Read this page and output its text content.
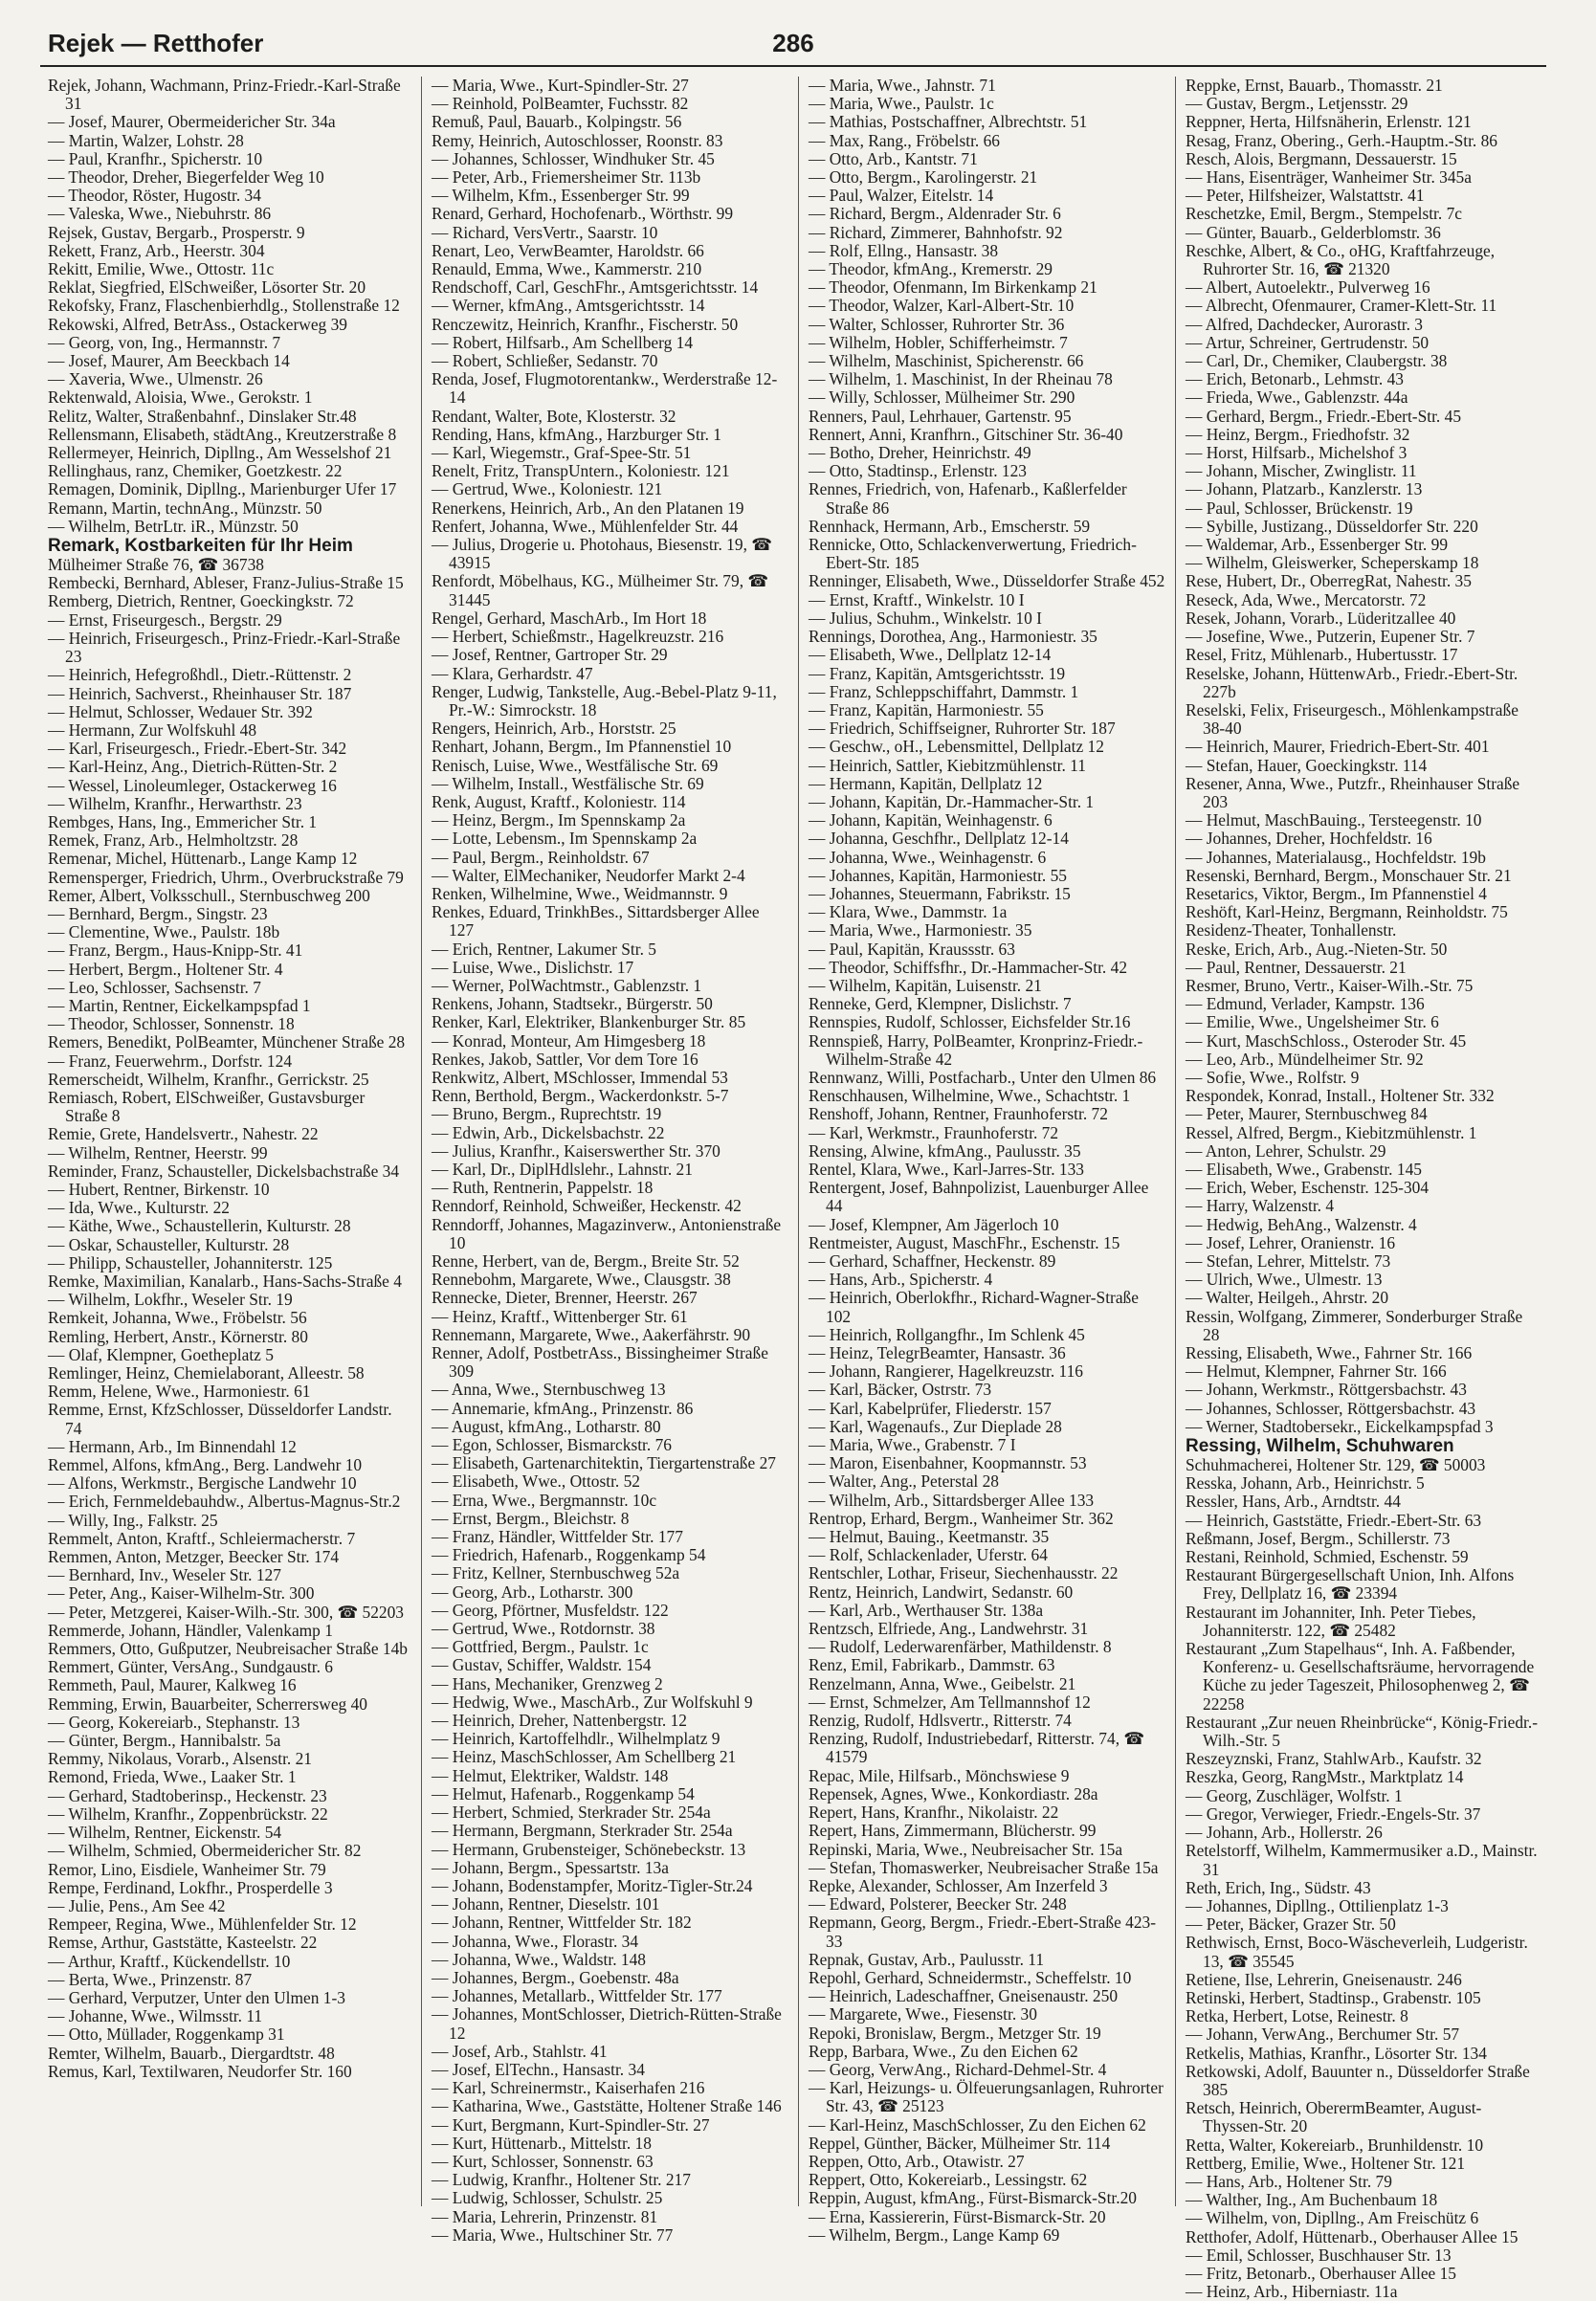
Rejek — Retthofer	286

Rejek, Johann, Wachmann, Prinz-Friedr.-Karl-Straße 31

— Josef, Maurer, Obermeidericher Str. 34a

— Martin, Walzer, Lohstr. 28

— Paul, Kranfhr., Spicherstr. 10

— Theodor, Dreher, Biegerfelder Weg 10

— Theodor, Röster, Hugostr. 34

— Valeska, Wwe., Niebuhrstr. 86

Rejsek, Gustav, Bergarb., Prosperstr. 9

Rekett, Franz, Arb., Heerstr. 304

Rekitt, Emilie, Wwe., Ottostr. 11c

Reklat, Siegfried, ElSchweißer, Lösorter Str. 20

Rekofsky, Franz, Flaschenbierhdlg., Stollenstraße 12

Rekowski, Alfred, BetrAss., Ostackerweg 39

— Georg, von, Ing., Hermannstr. 7

— Josef, Maurer, Am Beeckbach 14

— Xaveria, Wwe., Ulmenstr. 26

Rektenwald, Aloisia, Wwe., Gerokstr. 1

Relitz, Walter, Straßenbahnf., Dinslaker Str.48

Rellensmann, Elisabeth, städtAng., Kreutzerstraße 8

Rellermeyer, Heinrich, Dipllng., Am Wesselshof 21

Rellinghaus, ranz, Chemiker, Goetzkestr. 22

Remagen, Dominik, Dipllng., Marienburger Ufer 17

Remann, Martin, technAng., Münzstr. 50

— Wilhelm, BetrLtr. iR., Münzstr. 50

Remark, Kostbarkeiten für Ihr Heim

Mülheimer Straße 76, ☎ 36738

Rembecki, Bernhard, Ableser, Franz-Julius-Straße 15

Remberg, Dietrich, Rentner, Goeckingkstr. 72

— Ernst, Friseurgesch., Bergstr. 29

— Heinrich, Friseurgesch., Prinz-Friedr.-Karl-Straße 23

— Heinrich, Hefegroßhdl., Dietr.-Rüttenstr. 2

— Heinrich, Sachverst., Rheinhauser Str. 187

— Helmut, Schlosser, Wedauer Str. 392

— Hermann, Zur Wolfskuhl 48

— Karl, Friseurgesch., Friedr.-Ebert-Str. 342

— Karl-Heinz, Ang., Dietrich-Rütten-Str. 2

— Wessel, Linoleumleger, Ostackerweg 16

— Wilhelm, Kranfhr., Herwarthstr. 23

Rembges, Hans, Ing., Emmericher Str. 1

Remek, Franz, Arb., Helmholtzstr. 28

Remenar, Michel, Hüttenarb., Lange Kamp 12

Remensperger, Friedrich, Uhrm., Overbruckstraße 79

Remer, Albert, Volksschull., Sternbuschweg 200

— Bernhard, Bergm., Singstr. 23

— Clementine, Wwe., Paulstr. 18b

— Franz, Bergm., Haus-Knipp-Str. 41

— Herbert, Bergm., Holtener Str. 4

— Leo, Schlosser, Sachsenstr. 7

— Martin, Rentner, Eickelkampspfad 1

— Theodor, Schlosser, Sonnenstr. 18

Remers, Benedikt, PolBeamter, Münchener Straße 28

— Franz, Feuerwehrm., Dorfstr. 124

Remerscheidt, Wilhelm, Kranfhr., Gerrickstr. 25

Remiasch, Robert, ElSchweißer, Gustavsburger Straße 8

Remie, Grete, Handelsvertr., Nahestr. 22

— Wilhelm, Rentner, Heerstr. 99

Reminder, Franz, Schausteller, Dickelsbachstraße 34

— Hubert, Rentner, Birkenstr. 10

— Ida, Wwe., Kulturstr. 22

— Käthe, Wwe., Schaustellerin, Kulturstr. 28

— Oskar, Schausteller, Kulturstr. 28

— Philipp, Schausteller, Johanniterstr. 125

Remke, Maximilian, Kanalarb., Hans-Sachs-Straße 4

— Wilhelm, Lokfhr., Weseler Str. 19

Remkeit, Johanna, Wwe., Fröbelstr. 56

Remling, Herbert, Anstr., Körnerstr. 80

— Olaf, Klempner, Goetheplatz 5

Remlinger, Heinz, Chemielaborant, Alleestr. 58

Remm, Helene, Wwe., Harmoniestr. 61

Remme, Ernst, KfzSchlosser, Düsseldorfer Landstr. 74

— Hermann, Arb., Im Binnendahl 12

Remmel, Alfons, kfmAng., Berg. Landwehr 10

— Alfons, Werkmstr., Bergische Landwehr 10

— Erich, Fernmeldebauhdw., Albertus-Magnus-Str.2

— Willy, Ing., Falkstr. 25

Remmelt, Anton, Kraftf., Schleiermacherstr. 7

Remmen, Anton, Metzger, Beecker Str. 174

— Bernhard, Inv., Weseler Str. 127

— Peter, Ang., Kaiser-Wilhelm-Str. 300

— Peter, Metzgerei, Kaiser-Wilh.-Str. 300, ☎ 52203

Remmerde, Johann, Händler, Valenkamp 1

Remmers, Otto, Gußputzer, Neubreisacher Straße 14b

Remmert, Günter, VersAng., Sundgaustr. 6

Remmeth, Paul, Maurer, Kalkweg 16

Remming, Erwin, Bauarbeiter, Scherrersweg 40

— Georg, Kokereiarb., Stephanstr. 13

— Günter, Bergm., Hannibalstr. 5a

Remmy, Nikolaus, Vorarb., Alsenstr. 21

Remond, Frieda, Wwe., Laaker Str. 1

— Gerhard, Stadtoberinsp., Heckenstr. 23

— Wilhelm, Kranfhr., Zoppenbrückstr. 22

— Wilhelm, Rentner, Eickenstr. 54

— Wilhelm, Schmied, Obermeidericher Str. 82

Remor, Lino, Eisdiele, Wanheimer Str. 79

Rempe, Ferdinand, Lokfhr., Prosperdelle 3

— Julie, Pens., Am See 42

Rempeer, Regina, Wwe., Mühlenfelder Str. 12

Remse, Arthur, Gaststätte, Kasteelstr. 22

— Arthur, Kraftf., Kückendellstr. 10

— Berta, Wwe., Prinzenstr. 87

— Gerhard, Verputzer, Unter den Ulmen 1-3

— Johanne, Wwe., Wilmsstr. 11

— Otto, Müllader, Roggenkamp 31

Remter, Wilhelm, Bauarb., Diergardtstr. 48

Remus, Karl, Textilwaren, Neudorfer Str. 160

— Maria, Wwe., Kurt-Spindler-Str. 27

— Reinhold, PolBeamter, Fuchsstr. 82

Remuß, Paul, Bauarb., Kolpingstr. 56

Remy, Heinrich, Autoschlosser, Roonstr. 83

— Johannes, Schlosser, Windhuker Str. 45

— Peter, Arb., Friemersheimer Str. 113b

— Wilhelm, Kfm., Essenberger Str. 99

Renard, Gerhard, Hochofenarb., Wörthstr. 99

— Richard, VersVertr., Saarstr. 10

Renart, Leo, VerwBeamter, Haroldstr. 66

Renauld, Emma, Wwe., Kammerstr. 210

Rendschoff, Carl, GeschFhr., Amtsgerichtsstr. 14

— Werner, kfmAng., Amtsgerichtsstr. 14

Renczewitz, Heinrich, Kranfhr., Fischerstr. 50

— Robert, Hilfsarb., Am Schellberg 14

— Robert, Schließer, Sedanstr. 70

Renda, Josef, Flugmotorentankw., Werderstraße 12-14

Rendant, Walter, Bote, Klosterstr. 32

Rending, Hans, kfmAng., Harzburger Str. 1

— Karl, Wiegemstr., Graf-Spee-Str. 51

Renelt, Fritz, TranspUntern., Koloniestr. 121

— Gertrud, Wwe., Koloniestr. 121

Renerkens, Heinrich, Arb., An den Platanen 19

Renfert, Johanna, Wwe., Mühlenfelder Str. 44

— Julius, Drogerie u. Photohaus, Biesenstr. 19, ☎ 43915

Renfordt, Möbelhaus, KG., Mülheimer Str. 79, ☎ 31445

Rengel, Gerhard, MaschArb., Im Hort 18

— Herbert, Schießmstr., Hagelkreuzstr. 216

— Josef, Rentner, Gartroper Str. 29

— Klara, Gerhardstr. 47

Renger, Ludwig, Tankstelle, Aug.-Bebel-Platz 9-11, Pr.-W.: Simrockstr. 18

Rengers, Heinrich, Arb., Horststr. 25

Renhart, Johann, Bergm., Im Pfannenstiel 10

Renisch, Luise, Wwe., Westfälische Str. 69

— Wilhelm, Install., Westfälische Str. 69

Renk, August, Kraftf., Koloniestr. 114

— Heinz, Bergm., Im Spennskamp 2a

— Lotte, Lebensm., Im Spennskamp 2a

— Paul, Bergm., Reinholdstr. 67

— Walter, ElMechaniker, Neudorfer Markt 2-4

Renken, Wilhelmine, Wwe., Weidmannstr. 9

Renkes, Eduard, TrinkhBes., Sittardsberger Allee 127

— Erich, Rentner, Lakumer Str. 5

— Luise, Wwe., Dislichstr. 17

— Werner, PolWachtmstr., Gablenzstr. 1

Renkens, Johann, Stadtsekr., Bürgerstr. 50

Renker, Karl, Elektriker, Blankenburger Str. 85

— Konrad, Monteur, Am Himgesberg 18

Renkes, Jakob, Sattler, Vor dem Tore 16

Renkwitz, Albert, MSchlosser, Immendal 53

Renn, Berthold, Bergm., Wackerdonkstr. 5-7

— Bruno, Bergm., Ruprechtstr. 19

— Edwin, Arb., Dickelsbachstr. 22

— Julius, Kranfhr., Kaiserswerther Str. 370

— Karl, Dr., DiplHdlslehr., Lahnstr. 21

— Ruth, Rentnerin, Pappelstr. 18

Renndorf, Reinhold, Schweißer, Heckenstr. 42

Renndorff, Johannes, Magazinverw., Antonienstraße 10

Renne, Herbert, van de, Bergm., Breite Str. 52

Rennebohm, Margarete, Wwe., Clausgstr. 38

Rennecke, Dieter, Brenner, Heerstr. 267

— Heinz, Kraftf., Wittenberger Str. 61

Rennemann, Margarete, Wwe., Aakerfährstr. 90

Renner, Adolf, PostbetrAss., Bissingheimer Straße 309

— Anna, Wwe., Sternbuschweg 13

— Annemarie, kfmAng., Prinzenstr. 86

— August, kfmAng., Lotharstr. 80

— Egon, Schlosser, Bismarckstr. 76

— Elisabeth, Gartenarchitektin, Tiergartenstraße 27

— Elisabeth, Wwe., Ottostr. 52

— Erna, Wwe., Bergmannstr. 10c

— Ernst, Bergm., Bleichstr. 8

— Franz, Händler, Wittfelder Str. 177

— Friedrich, Hafenarb., Roggenkamp 54

— Fritz, Kellner, Sternbuschweg 52a

— Georg, Arb., Lotharstr. 300

— Georg, Pförtner, Musfeldstr. 122

— Gertrud, Wwe., Rotdornstr. 38

— Gottfried, Bergm., Paulstr. 1c

— Gustav, Schiffer, Waldstr. 154

— Hans, Mechaniker, Grenzweg 2

— Hedwig, Wwe., MaschArb., Zur Wolfskuhl 9

— Heinrich, Dreher, Nattenbergstr. 12

— Heinrich, Kartoffelhdlr., Wilhelmplatz 9

— Heinz, MaschSchlosser, Am Schellberg 21

— Helmut, Elektriker, Waldstr. 148

— Helmut, Hafenarb., Roggenkamp 54

— Herbert, Schmied, Sterkrader Str. 254a

— Hermann, Bergmann, Sterkrader Str. 254a

— Hermann, Grubensteiger, Schönebeckstr. 13

— Johann, Bergm., Spessartstr. 13a

— Johann, Bodenstampfer, Moritz-Tigler-Str.24

— Johann, Rentner, Dieselstr. 101

— Johann, Rentner, Wittfelder Str. 182

— Johanna, Wwe., Florastr. 34

— Johanna, Wwe., Waldstr. 148

— Johannes, Bergm., Goebenstr. 48a

— Johannes, Metallarb., Wittfelder Str. 177

— Johannes, MontSchlosser, Dietrich-Rütten-Straße 12

— Josef, Arb., Stahlstr. 41

— Josef, ElTechn., Hansastr. 34

— Karl, Schreinermstr., Kaiserhafen 216

— Katharina, Wwe., Gaststätte, Holtener Straße 146

— Kurt, Bergmann, Kurt-Spindler-Str. 27

— Kurt, Hüttenarb., Mittelstr. 18

— Kurt, Schlosser, Sonnenstr. 63

— Ludwig, Kranfhr., Holtener Str. 217

— Ludwig, Schlosser, Schulstr. 25

— Maria, Lehrerin, Prinzenstr. 81

— Maria, Wwe., Hultschiner Str. 77

— Maria, Wwe., Jahnstr. 71

— Maria, Wwe., Paulstr. 1c

— Mathias, Postschaffner, Albrechtstr. 51

— Max, Rang., Fröbelstr. 66

— Otto, Arb., Kantstr. 71

— Otto, Bergm., Karolingerstr. 21

— Paul, Walzer, Eitelstr. 14

— Richard, Bergm., Aldenrader Str. 6

— Richard, Zimmerer, Bahnhofstr. 92

— Rolf, Ellng., Hansastr. 38

— Theodor, kfmAng., Kremerstr. 29

— Theodor, Ofenmann, Im Birkenkamp 21

— Theodor, Walzer, Karl-Albert-Str. 10

— Walter, Schlosser, Ruhrorter Str. 36

— Wilhelm, Hobler, Schifferheimstr. 7

— Wilhelm, Maschinist, Spicherenstr. 66

— Wilhelm, 1. Maschinist, In der Rheinau 78

— Willy, Schlosser, Mülheimer Str. 290

Renners, Paul, Lehrhauer, Gartenstr. 95

Rennert, Anni, Kranfhrn., Gitschiner Str. 36-40

— Botho, Dreher, Heinrichstr. 49

— Otto, Stadtinsp., Erlenstr. 123

Rennes, Friedrich, von, Hafenarb., Kaßlerfelder Straße 86

Rennhack, Hermann, Arb., Emscherstr. 59

Rennicke, Otto, Schlackenverwertung, Friedrich-Ebert-Str. 185

Renninger, Elisabeth, Wwe., Düsseldorfer Straße 452

— Ernst, Kraftf., Winkelstr. 10 I

— Julius, Schuhm., Winkelstr. 10 I

Rennings, Dorothea, Ang., Harmoniestr. 35

— Elisabeth, Wwe., Dellplatz 12-14

— Franz, Kapitän, Amtsgerichtsstr. 19

— Franz, Schleppschiffahrt, Dammstr. 1

— Franz, Kapitän, Harmoniestr. 55

— Friedrich, Schiffseigner, Ruhrorter Str. 187

— Geschw., oH., Lebensmittel, Dellplatz 12

— Heinrich, Sattler, Kiebitzmühlenstr. 11

— Hermann, Kapitän, Dellplatz 12

— Johann, Kapitän, Dr.-Hammacher-Str. 1

— Johann, Kapitän, Weinhagenstr. 6

— Johanna, Geschfhr., Dellplatz 12-14

— Johanna, Wwe., Weinhagenstr. 6

— Johannes, Kapitän, Harmoniestr. 55

— Johannes, Steuermann, Fabrikstr. 15

— Klara, Wwe., Dammstr. 1a

— Maria, Wwe., Harmoniestr. 35

— Paul, Kapitän, Kraussstr. 63

— Theodor, Schiffsfhr., Dr.-Hammacher-Str. 42

— Wilhelm, Kapitän, Luisenstr. 21

Renneke, Gerd, Klempner, Dislichstr. 7

Rennspies, Rudolf, Schlosser, Eichsfelder Str.16

Rennspieß, Harry, PolBeamter, Kronprinz-Friedr.-Wilhelm-Straße 42

Rennwanz, Willi, Postfacharb., Unter den Ulmen 86

Renschhausen, Wilhelmine, Wwe., Schachtstr. 1

Renshoff, Johann, Rentner, Fraunhoferstr. 72

— Karl, Werkmstr., Fraunhoferstr. 72

Rensing, Alwine, kfmAng., Paulusstr. 35

Rentel, Klara, Wwe., Karl-Jarres-Str. 133

Rentergent, Josef, Bahnpolizist, Lauenburger Allee 44

— Josef, Klempner, Am Jägerloch 10

Rentmeister, August, MaschFhr., Eschenstr. 15

— Gerhard, Schaffner, Heckenstr. 89

— Hans, Arb., Spicherstr. 4

— Heinrich, Oberlokfhr., Richard-Wagner-Straße 102

— Heinrich, Rollgangfhr., Im Schlenk 45

— Heinz, TelegrBeamter, Hansastr. 36

— Johann, Rangierer, Hagelkreuzstr. 116

— Karl, Bäcker, Ostrstr. 73

— Karl, Kabelprüfer, Fliederstr. 157

— Karl, Wagenaufs., Zur Dieplade 28

— Maria, Wwe., Grabenstr. 7 I

— Maron, Eisenbahner, Koopmannstr. 53

— Walter, Ang., Peterstal 28

— Wilhelm, Arb., Sittardsberger Allee 133

Rentrop, Erhard, Bergm., Wanheimer Str. 362

— Helmut, Bauing., Keetmanstr. 35

— Rolf, Schlackenlader, Uferstr. 64

Rentschler, Lothar, Friseur, Siechenhausstr. 22

Rentz, Heinrich, Landwirt, Sedanstr. 60

— Karl, Arb., Werthauser Str. 138a

Rentzsch, Elfriede, Ang., Landwehrstr. 31

— Rudolf, Lederwarenfärber, Mathildenstr. 8

Renz, Emil, Fabrikarb., Dammstr. 63

Renzelmann, Anna, Wwe., Geibelstr. 21

— Ernst, Schmelzer, Am Tellmannshof 12

Renzig, Rudolf, Hdlsvertr., Ritterstr. 74

Renzing, Rudolf, Industriebedarf, Ritterstr. 74, ☎ 41579

Repac, Mile, Hilfsarb., Mönchswiese 9

Repensek, Agnes, Wwe., Konkordiastr. 28a

Repert, Hans, Kranfhr., Nikolaistr. 22

Repert, Hans, Zimmermann, Blücherstr. 99

Repinski, Maria, Wwe., Neubreisacher Str. 15a

— Stefan, Thomaswerker, Neubreisacher Straße 15a

Repke, Alexander, Schlosser, Am Inzerfeld 3

— Edward, Polsterer, Beecker Str. 248

Repmann, Georg, Bergm., Friedr.-Ebert-Straße 423-33

Repnak, Gustav, Arb., Paulusstr. 11

Repohl, Gerhard, Schneidermstr., Scheffelstr. 10

— Heinrich, Ladeschaffner, Gneisenaustr. 250

— Margarete, Wwe., Fiesenstr. 30

Repoki, Bronislaw, Bergm., Metzger Str. 19

Repp, Barbara, Wwe., Zu den Eichen 62

— Georg, VerwAng., Richard-Dehmel-Str. 4

— Karl, Heizungs- u. Ölfeuerungsanlagen, Ruhrorter Str. 43, ☎ 25123

— Karl-Heinz, MaschSchlosser, Zu den Eichen 62

Reppel, Günther, Bäcker, Mülheimer Str. 114

Reppen, Otto, Arb., Otawistr. 27

Reppert, Otto, Kokereiarb., Lessingstr. 62

Reppin, August, kfmAng., Fürst-Bismarck-Str.20

— Erna, Kassiererin, Fürst-Bismarck-Str. 20

— Wilhelm, Bergm., Lange Kamp 69

Reppke, Ernst, Bauarb., Thomasstr. 21

— Gustav, Bergm., Letjensstr. 29

Reppner, Herta, Hilfsnäherin, Erlenstr. 121

Resag, Franz, Obering., Gerh.-Hauptm.-Str. 86

Resch, Alois, Bergmann, Dessauerstr. 15

— Hans, Eisenträger, Wanheimer Str. 345a

— Peter, Hilfsheizer, Walstattstr. 41

Reschetzke, Emil, Bergm., Stempelstr. 7c

— Günter, Bauarb., Gelderblomstr. 36

Reschke, Albert, & Co., oHG, Kraftfahrzeuge, Ruhrorter Str. 16, ☎ 21320

— Albert, Autoelektr., Pulverweg 16

— Albrecht, Ofenmaurer, Cramer-Klett-Str. 11

— Alfred, Dachdecker, Aurorastr. 3

— Artur, Schreiner, Gertrudenstr. 50

— Carl, Dr., Chemiker, Claubergstr. 38

— Erich, Betonarb., Lehmstr. 43

— Frieda, Wwe., Gablenzstr. 44a

— Gerhard, Bergm., Friedr.-Ebert-Str. 45

— Heinz, Bergm., Friedhofstr. 32

— Horst, Hilfsarb., Michelshof 3

— Johann, Mischer, Zwinglistr. 11

— Johann, Platzarb., Kanzlerstr. 13

— Paul, Schlosser, Brückenstr. 19

— Sybille, Justizang., Düsseldorfer Str. 220

— Waldemar, Arb., Essenberger Str. 99

— Wilhelm, Gleiswerker, Scheperskamp 18

Rese, Hubert, Dr., OberregRat, Nahestr. 35

Reseck, Ada, Wwe., Mercatorstr. 72

Resek, Johann, Vorarb., Lüderitzallee 40

— Josefine, Wwe., Putzerin, Eupener Str. 7

Resel, Fritz, Mühlenarb., Hubertusstr. 17

Reselske, Johann, HüttenwArb., Friedr.-Ebert-Str. 227b

Reselski, Felix, Friseurgesch., Möhlenkampstraße 38-40

— Heinrich, Maurer, Friedrich-Ebert-Str. 401

— Stefan, Hauer, Goeckingkstr. 114

Resener, Anna, Wwe., Putzfr., Rheinhauser Straße 203

— Helmut, MaschBauing., Tersteegenstr. 10

— Johannes, Dreher, Hochfeldstr. 16

— Johannes, Materialausg., Hochfeldstr. 19b

Resenski, Bernhard, Bergm., Monschauer Str. 21

Resetarics, Viktor, Bergm., Im Pfannenstiel 4

Reshöft, Karl-Heinz, Bergmann, Reinholdstr. 75

Residenz-Theater, Tonhallenstr.

Reske, Erich, Arb., Aug.-Nieten-Str. 50

— Paul, Rentner, Dessauerstr. 21

Resmer, Bruno, Vertr., Kaiser-Wilh.-Str. 75

— Edmund, Verlader, Kampstr. 136

— Emilie, Wwe., Ungelsheimer Str. 6

— Kurt, MaschSchloss., Osteroder Str. 45

— Leo, Arb., Mündelheimer Str. 92

— Sofie, Wwe., Rolfstr. 9

Respondek, Konrad, Install., Holtener Str. 332

— Peter, Maurer, Sternbuschweg 84

Ressel, Alfred, Bergm., Kiebitzmühlenstr. 1

— Anton, Lehrer, Schulstr. 29

— Elisabeth, Wwe., Grabenstr. 145

— Erich, Weber, Eschenstr. 125-304

— Harry, Walzenstr. 4

— Hedwig, BehAng., Walzenstr. 4

— Josef, Lehrer, Oranienstr. 16

— Stefan, Lehrer, Mittelstr. 73

— Ulrich, Wwe., Ulmestr. 13

— Walter, Heilgeh., Ahrstr. 20

Ressin, Wolfgang, Zimmerer, Sonderburger Straße 28

Ressing, Elisabeth, Wwe., Fahrner Str. 166

— Helmut, Klempner, Fahrner Str. 166

— Johann, Werkmstr., Röttgersbachstr. 43

— Johannes, Schlosser, Röttgersbachstr. 43

— Werner, Stadtobersekr., Eickelkampspfad 3

Ressing, Wilhelm, Schuhwaren

Schuhmacherei, Holtener Str. 129, ☎ 50003

Resska, Johann, Arb., Heinrichstr. 5

Ressler, Hans, Arb., Arndtstr. 44

— Heinrich, Gaststätte, Friedr.-Ebert-Str. 63

Reßmann, Josef, Bergm., Schillerstr. 73

Restani, Reinhold, Schmied, Eschenstr. 59

Restaurant Bürgergesellschaft Union, Inh. Alfons Frey, Dellplatz 16, ☎ 23394

Restaurant im Johanniter, Inh. Peter Tiebes, Johanniterstr. 122, ☎ 25482

Restaurant „Zum Stapelhaus“, Inh. A. Faßbender, Konferenz- u. Gesellschaftsräume, hervorragende Küche zu jeder Tageszeit, Philosophenweg 2, ☎ 22258

Restaurant „Zur neuen Rheinbrücke“, König-Friedr.-Wilh.-Str. 5

Reszeyznski, Franz, StahlwArb., Kaufstr. 32

Reszka, Georg, RangMstr., Marktplatz 14

— Georg, Zuschläger, Wolfstr. 1

— Gregor, Verwieger, Friedr.-Engels-Str. 37

— Johann, Arb., Hollerstr. 26

Retelstorff, Wilhelm, Kammermusiker a.D., Mainstr. 31

Reth, Erich, Ing., Südstr. 43

— Johannes, Dipllng., Ottilienplatz 1-3

— Peter, Bäcker, Grazer Str. 50

Rethwisch, Ernst, Boco-Wäscheverleih, Ludgeristr. 13, ☎ 35545

Retiene, Ilse, Lehrerin, Gneisenaustr. 246

Retinski, Herbert, Stadtinsp., Grabenstr. 105

Retka, Herbert, Lotse, Reinestr. 8

— Johann, VerwAng., Berchumer Str. 57

Retkelis, Mathias, Kranfhr., Lösorter Str. 134

Retkowski, Adolf, Bauunter n., Düsseldorfer Straße 385

Retsch, Heinrich, OberermBeamter, August-Thyssen-Str. 20

Retta, Walter, Kokereiarb., Brunhildenstr. 10

Rettberg, Emilie, Wwe., Holtener Str. 121

— Hans, Arb., Holtener Str. 79

— Walther, Ing., Am Buchenbaum 18

— Wilhelm, von, Dipllng., Am Freischütz 6

Retthofer, Adolf, Hüttenarb., Oberhauser Allee 15

— Emil, Schlosser, Buschhauser Str. 13

— Fritz, Betonarb., Oberhauser Allee 15

— Heinz, Arb., Hiberniastr. 11a
